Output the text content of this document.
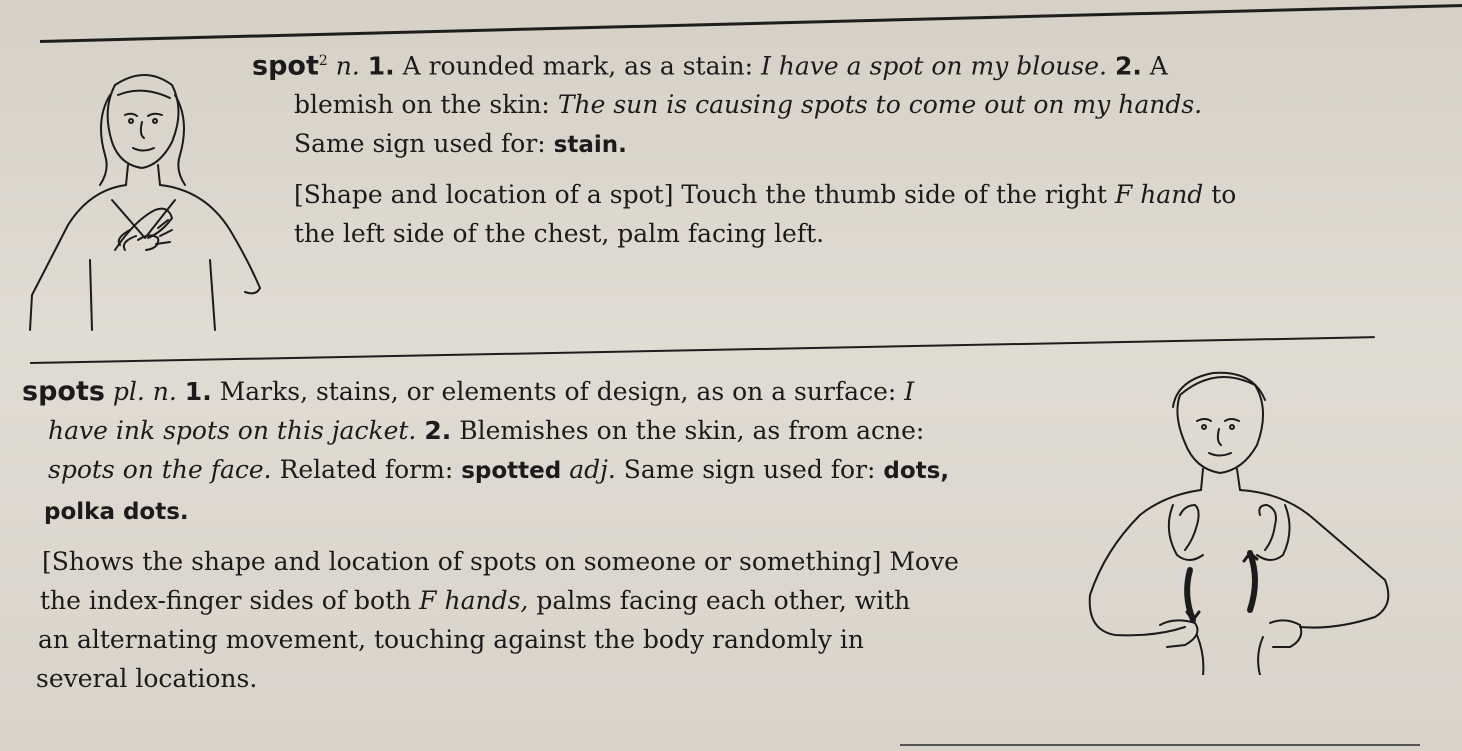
spot$^2$ n. 1. A rounded mark, as a stain: I have a spot on my blouse. 2. A
blemish on the skin: The sun is causing spots to come out on my hands.
Same sign used for: stain.
[Shape and location of a spot] Touch the thumb side of the right F hand to
the left side of the chest, palm facing left.
spots pl. n. 1. Marks, stains, or elements of design, as on a surface: I
have ink spots on this jacket. 2. Blemishes on the skin, as from acne:
spots on the face. Related form: spotted adj. Same sign used for: dots,
polka dots.
[Shows the shape and location of spots on someone or something] Move
the index-finger sides of both F hands, palms facing each other, with
an alternating movement, touching against the body randomly in
several locations.
